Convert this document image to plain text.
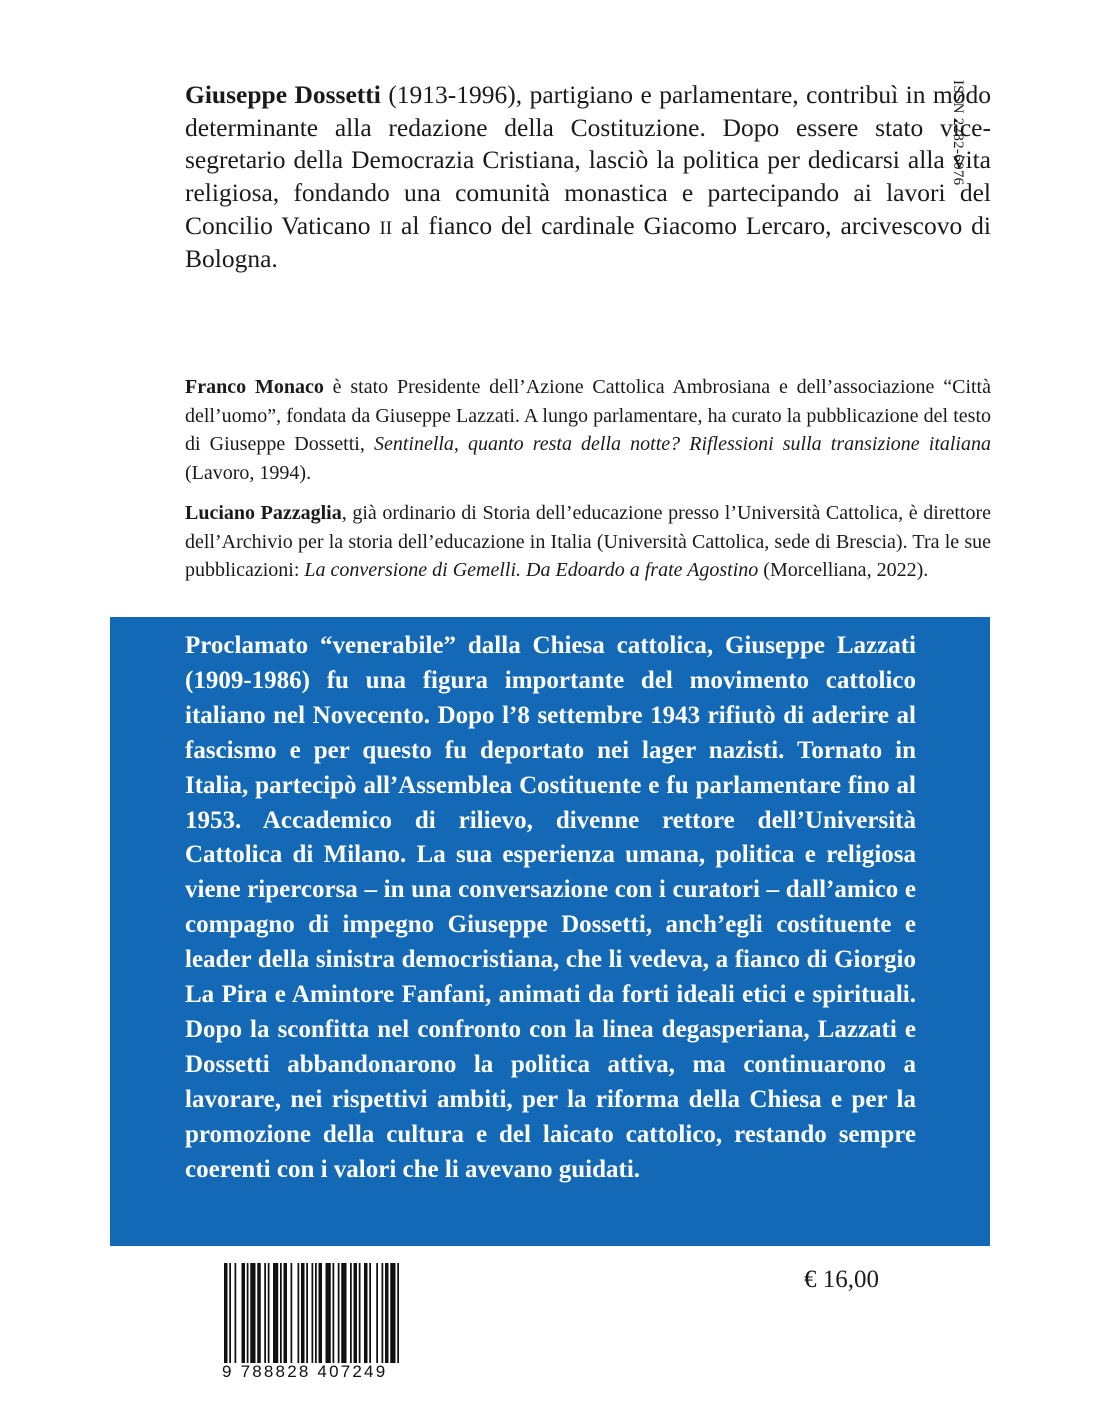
ISSN 2282-6076

Giuseppe Dossetti (1913-1996), partigiano e parlamentare, contribuì in modo determinante alla redazione della Costituzione. Dopo essere stato vice-segretario della Democrazia Cristiana, lasciò la politica per dedicarsi alla vita religiosa, fondando una comunità monastica e partecipando ai lavori del Concilio Vaticano ii al fianco del cardinale Giacomo Lercaro, arcivescovo di Bologna.

Franco Monaco è stato Presidente dell’Azione Cattolica Ambrosiana e dell’associazione “Città dell’uomo”, fondata da Giuseppe Lazzati. A lungo parlamentare, ha curato la pubblicazione del testo di Giuseppe Dossetti, Sentinella, quanto resta della notte? Riflessioni sulla transizione italiana (Lavoro, 1994).

Luciano Pazzaglia, già ordinario di Storia dell’educazione presso l’Università Cattolica, è direttore dell’Archivio per la storia dell’educazione in Italia (Università Cattolica, sede di Brescia). Tra le sue pubblicazioni: La conversione di Gemelli. Da Edoardo a frate Agostino (Morcelliana, 2022).

Proclamato “venerabile” dalla Chiesa cattolica, Giuseppe Lazzati (1909-1986) fu una figura importante del movimento cattolico italiano nel Novecento. Dopo l’8 settembre 1943 rifiutò di aderire al fascismo e per questo fu deportato nei lager nazisti. Tornato in Italia, partecipò all’Assemblea Costituente e fu parlamentare fino al 1953. Accademico di rilievo, divenne rettore dell’Università Cattolica di Milano. La sua esperienza umana, politica e religiosa viene ripercorsa – in una conversazione con i curatori – dall’amico e compagno di impegno Giuseppe Dossetti, anch’egli costituente e leader della sinistra democristiana, che li vedeva, a fianco di Giorgio La Pira e Amintore Fanfani, animati da forti ideali etici e spirituali. Dopo la sconfitta nel confronto con la linea degasperiana, Lazzati e Dossetti abbandonarono la politica attiva, ma continuarono a lavorare, nei rispettivi ambiti, per la riforma della Chiesa e per la promozione della cultura e del laicato cattolico, restando sempre coerenti con i valori che li avevano guidati.

9 788828 407249
€ 16,00
